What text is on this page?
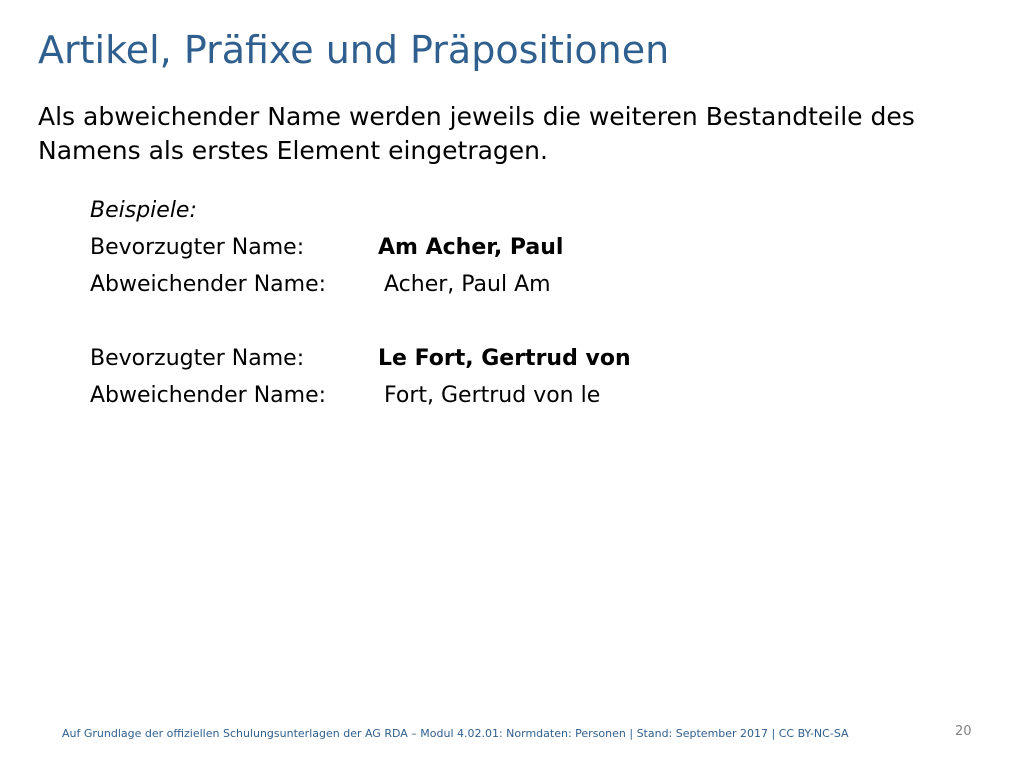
Artikel, Präfixe und Präpositionen

Als abweichender Name werden jeweils die weiteren Bestandteile des Namens als erstes Element eingetragen.

Beispiele:
Bevorzugter Name:	Am Acher, Paul
Abweichender Name:	Acher, Paul Am
Bevorzugter Name:	Le Fort, Gertrud von
Abweichender Name:	Fort, Gertrud von le
Auf Grundlage der offiziellen Schulungsunterlagen der AG RDA – Modul 4.02.01: Normdaten: Personen | Stand: September 2017 | CC BY-NC-SA	20
